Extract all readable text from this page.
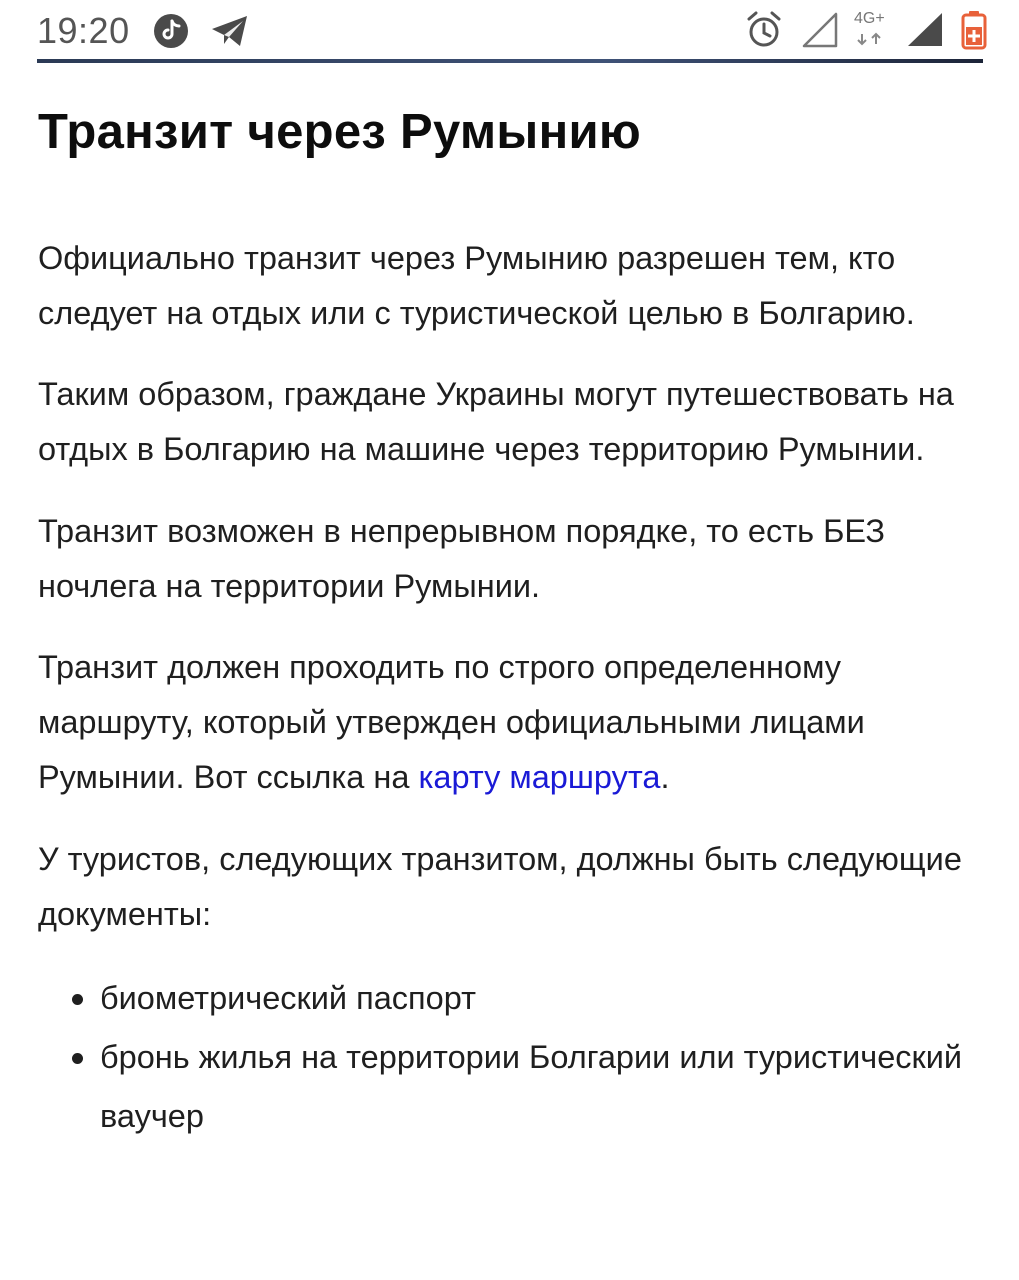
19:20	4G+
Транзит через Румынию

Официально транзит через Румынию разрешен тем, кто следует на отдых или с туристической целью в Болгарию.

Таким образом, граждане Украины могут путешествовать на отдых в Болгарию на машине через территорию Румынии.

Транзит возможен в непрерывном порядке, то есть БЕЗ ночлега на территории Румынии.

Транзит должен проходить по строго определенному маршруту, который утвержден официальными лицами Румынии. Вот ссылка на карту маршрута.

У туристов, следующих транзитом, должны быть следующие документы:

биометрический паспорт
бронь жилья на территории Болгарии или туристический ваучер
